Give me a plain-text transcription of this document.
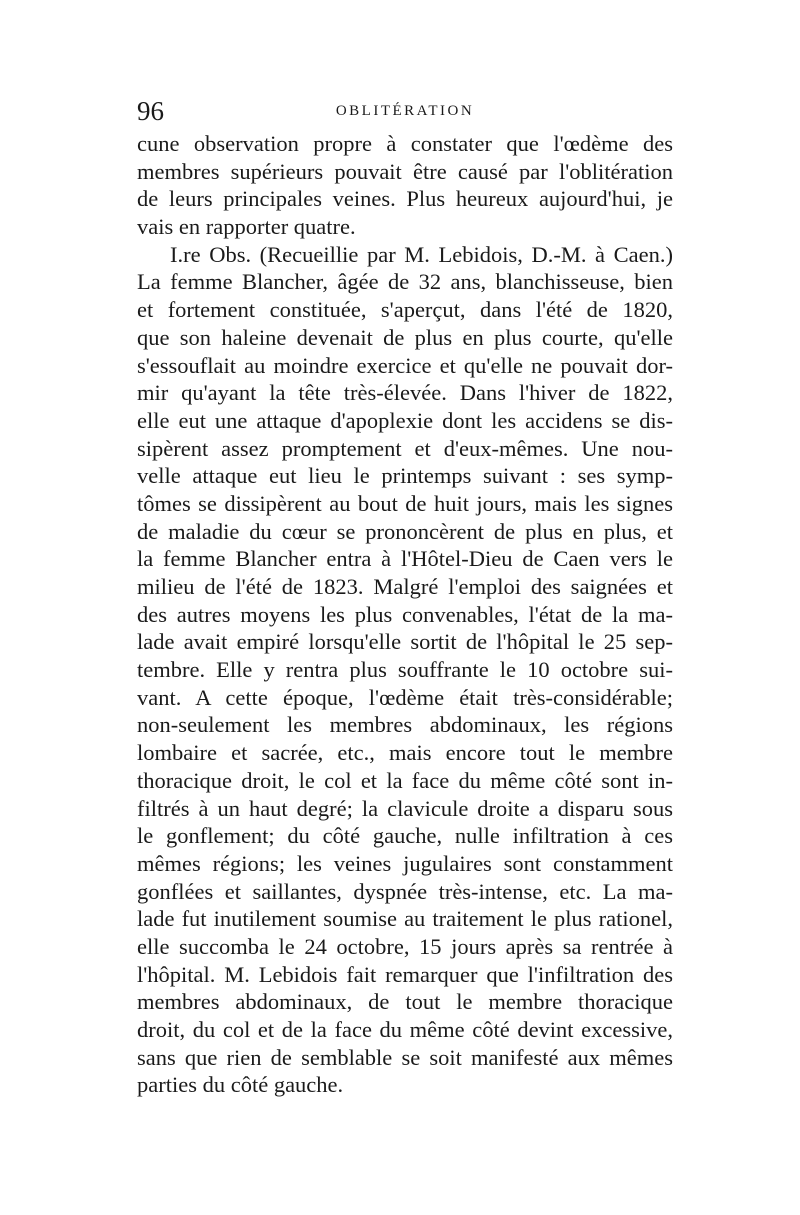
96	OBLITÉRATION
cune observation propre à constater que l'œdème des
membres supérieurs pouvait être causé par l'oblitération
de leurs principales veines. Plus heureux aujourd'hui, je
vais en rapporter quatre.
I.re Obs. (Recueillie par M. Lebidois, D.-M. à Caen.)
La femme Blancher, âgée de 32 ans, blanchisseuse, bien
et fortement constituée, s'aperçut, dans l'été de 1820,
que son haleine devenait de plus en plus courte, qu'elle
s'essouflait au moindre exercice et qu'elle ne pouvait dor-
mir qu'ayant la tête très-élevée. Dans l'hiver de 1822,
elle eut une attaque d'apoplexie dont les accidens se dis-
sipèrent assez promptement et d'eux-mêmes. Une nou-
velle attaque eut lieu le printemps suivant : ses symp-
tômes se dissipèrent au bout de huit jours, mais les signes
de maladie du cœur se prononcèrent de plus en plus, et
la femme Blancher entra à l'Hôtel-Dieu de Caen vers le
milieu de l'été de 1823. Malgré l'emploi des saignées et
des autres moyens les plus convenables, l'état de la ma-
lade avait empiré lorsqu'elle sortit de l'hôpital le 25 sep-
tembre. Elle y rentra plus souffrante le 10 octobre sui-
vant. A cette époque, l'œdème était très-considérable;
non-seulement les membres abdominaux, les régions
lombaire et sacrée, etc., mais encore tout le membre
thoracique droit, le col et la face du même côté sont in-
filtrés à un haut degré; la clavicule droite a disparu sous
le gonflement; du côté gauche, nulle infiltration à ces
mêmes régions; les veines jugulaires sont constamment
gonflées et saillantes, dyspnée très-intense, etc. La ma-
lade fut inutilement soumise au traitement le plus rationel,
elle succomba le 24 octobre, 15 jours après sa rentrée à
l'hôpital. M. Lebidois fait remarquer que l'infiltration des
membres abdominaux, de tout le membre thoracique
droit, du col et de la face du même côté devint excessive,
sans que rien de semblable se soit manifesté aux mêmes
parties du côté gauche.
